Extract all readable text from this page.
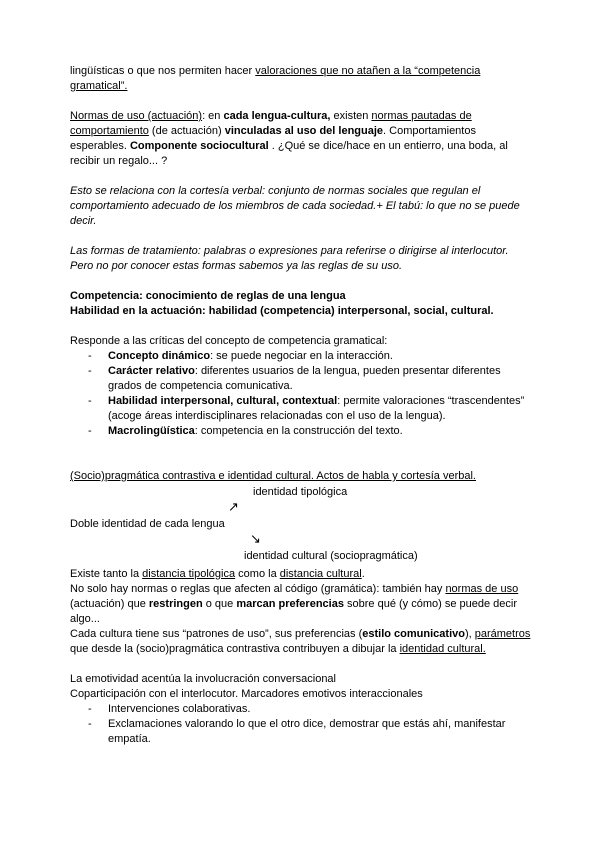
lingüísticas o que nos permiten hacer valoraciones que no atañen a la “competencia gramatical”.

Normas de uso (actuación): en cada lengua-cultura, existen normas pautadas de comportamiento (de actuación) vinculadas al uso del lenguaje. Comportamientos esperables. Componente sociocultural . ¿Qué se dice/hace en un entierro, una boda, al recibir un regalo... ?

Esto se relaciona con la cortesía verbal: conjunto de normas sociales que regulan el comportamiento adecuado de los miembros de cada sociedad.+ El tabú: lo que no se puede decir.

Las formas de tratamiento: palabras o expresiones para referirse o dirigirse al interlocutor. Pero no por conocer estas formas sabemos ya las reglas de su uso.

Competencia: conocimiento de reglas de una lengua
Habilidad en la actuación: habilidad (competencia) interpersonal, social, cultural.

Responde a las críticas del concepto de competencia gramatical:

-	Concepto dinámico: se puede negociar en la interacción.
-	Carácter relativo: diferentes usuarios de la lengua, pueden presentar diferentes grados de competencia comunicativa.
-	Habilidad interpersonal, cultural, contextual: permite valoraciones “trascendentes” (acoge áreas interdisciplinares relacionadas con el uso de la lengua).
-	Macrolingüística: competencia en la construcción del texto.

(Socio)pragmática contrastiva e identidad cultural. Actos de habla y cortesía verbal.

identidad tipológica
↗
Doble identidad de cada lengua
↘
identidad cultural (sociopragmática)

Existe tanto la distancia tipológica como la distancia cultural.

No solo hay normas o reglas que afecten al código (gramática): también hay normas de uso (actuación) que restringen o que marcan preferencias sobre qué (y cómo) se puede decir algo...

Cada cultura tiene sus “patrones de uso”, sus preferencias (estilo comunicativo), parámetros que desde la (socio)pragmática contrastiva contribuyen a dibujar la identidad cultural.

La emotividad acentúa la involucración conversacional

Coparticipación con el interlocutor. Marcadores emotivos interaccionales

-	Intervenciones colaborativas.
-	Exclamaciones valorando lo que el otro dice, demostrar que estás ahí, manifestar empatía.
